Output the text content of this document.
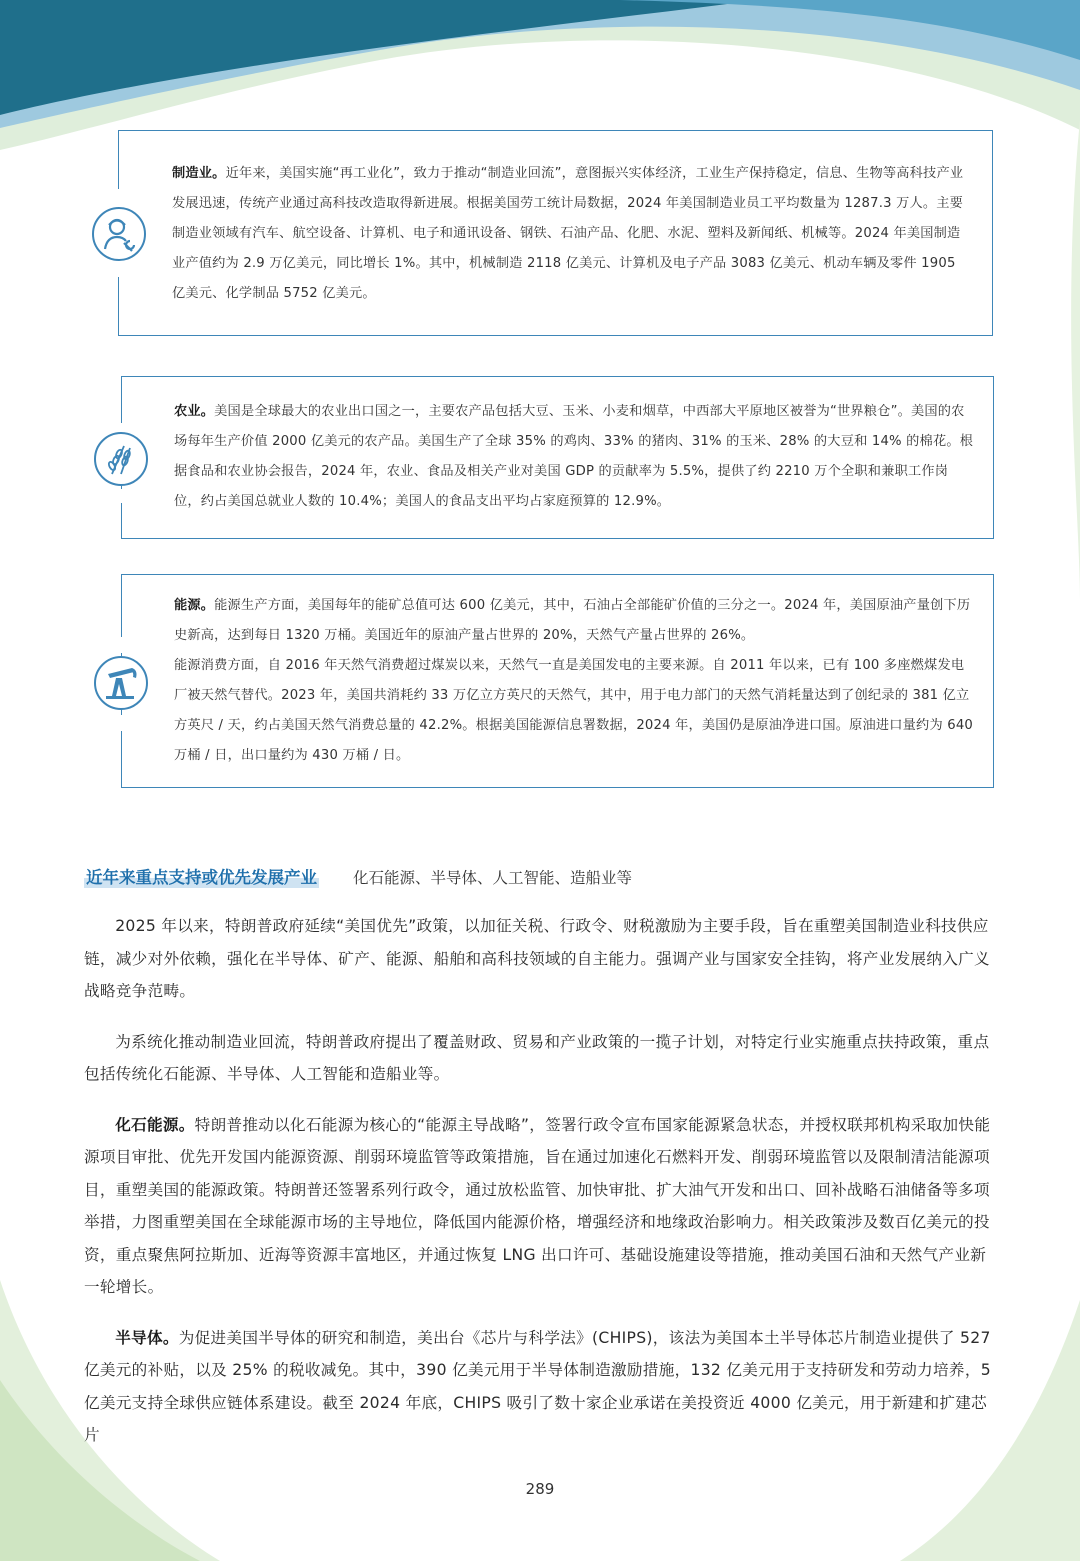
制造业。近年来，美国实施“再工业化”，致力于推动“制造业回流”，意图振兴实体经济，工业生产保持稳定，信息、生物等高科技产业发展迅速，传统产业通过高科技改造取得新进展。根据美国劳工统计局数据，2024 年美国制造业员工平均数量为 1287.3 万人。主要制造业领域有汽车、航空设备、计算机、电子和通讯设备、钢铁、石油产品、化肥、水泥、塑料及新闻纸、机械等。2024 年美国制造业产值约为 2.9 万亿美元，同比增长 1%。其中，机械制造 2118 亿美元、计算机及电子产品 3083 亿美元、机动车辆及零件 1905 亿美元、化学制品 5752 亿美元。

农业。美国是全球最大的农业出口国之一，主要农产品包括大豆、玉米、小麦和烟草，中西部大平原地区被誉为“世界粮仓”。美国的农场每年生产价值 2000 亿美元的农产品。美国生产了全球 35% 的鸡肉、33% 的猪肉、31% 的玉米、28% 的大豆和 14% 的棉花。根据食品和农业协会报告，2024 年，农业、食品及相关产业对美国 GDP 的贡献率为 5.5%，提供了约 2210 万个全职和兼职工作岗位，约占美国总就业人数的 10.4%；美国人的食品支出平均占家庭预算的 12.9%。

能源。能源生产方面，美国每年的能矿总值可达 600 亿美元，其中，石油占全部能矿价值的三分之一。2024 年，美国原油产量创下历史新高，达到每日 1320 万桶。美国近年的原油产量占世界的 20%，天然气产量占世界的 26%。

能源消费方面，自 2016 年天然气消费超过煤炭以来，天然气一直是美国发电的主要来源。自 2011 年以来，已有 100 多座燃煤发电厂被天然气替代。2023 年，美国共消耗约 33 万亿立方英尺的天然气，其中，用于电力部门的天然气消耗量达到了创纪录的 381 亿立方英尺 / 天，约占美国天然气消费总量的 42.2%。根据美国能源信息署数据，2024 年，美国仍是原油净进口国。原油进口量约为 640 万桶 / 日，出口量约为 430 万桶 / 日。

近年来重点支持或优先发展产业 化石能源、半导体、人工智能、造船业等

2025 年以来，特朗普政府延续“美国优先”政策，以加征关税、行政令、财税激励为主要手段，旨在重塑美国制造业科技供应链，减少对外依赖，强化在半导体、矿产、能源、船舶和高科技领域的自主能力。强调产业与国家安全挂钩，将产业发展纳入广义战略竞争范畴。

为系统化推动制造业回流，特朗普政府提出了覆盖财政、贸易和产业政策的一揽子计划，对特定行业实施重点扶持政策，重点包括传统化石能源、半导体、人工智能和造船业等。

化石能源。特朗普推动以化石能源为核心的“能源主导战略”，签署行政令宣布国家能源紧急状态，并授权联邦机构采取加快能源项目审批、优先开发国内能源资源、削弱环境监管等政策措施，旨在通过加速化石燃料开发、削弱环境监管以及限制清洁能源项目，重塑美国的能源政策。特朗普还签署系列行政令，通过放松监管、加快审批、扩大油气开发和出口、回补战略石油储备等多项举措，力图重塑美国在全球能源市场的主导地位，降低国内能源价格，增强经济和地缘政治影响力。相关政策涉及数百亿美元的投资，重点聚焦阿拉斯加、近海等资源丰富地区，并通过恢复 LNG 出口许可、基础设施建设等措施，推动美国石油和天然气产业新一轮增长。

半导体。为促进美国半导体的研究和制造，美出台《芯片与科学法》(CHIPS)，该法为美国本土半导体芯片制造业提供了 527 亿美元的补贴，以及 25% 的税收减免。其中，390 亿美元用于半导体制造激励措施，132 亿美元用于支持研发和劳动力培养，5 亿美元支持全球供应链体系建设。截至 2024 年底，CHIPS 吸引了数十家企业承诺在美投资近 4000 亿美元，用于新建和扩建芯片

289
